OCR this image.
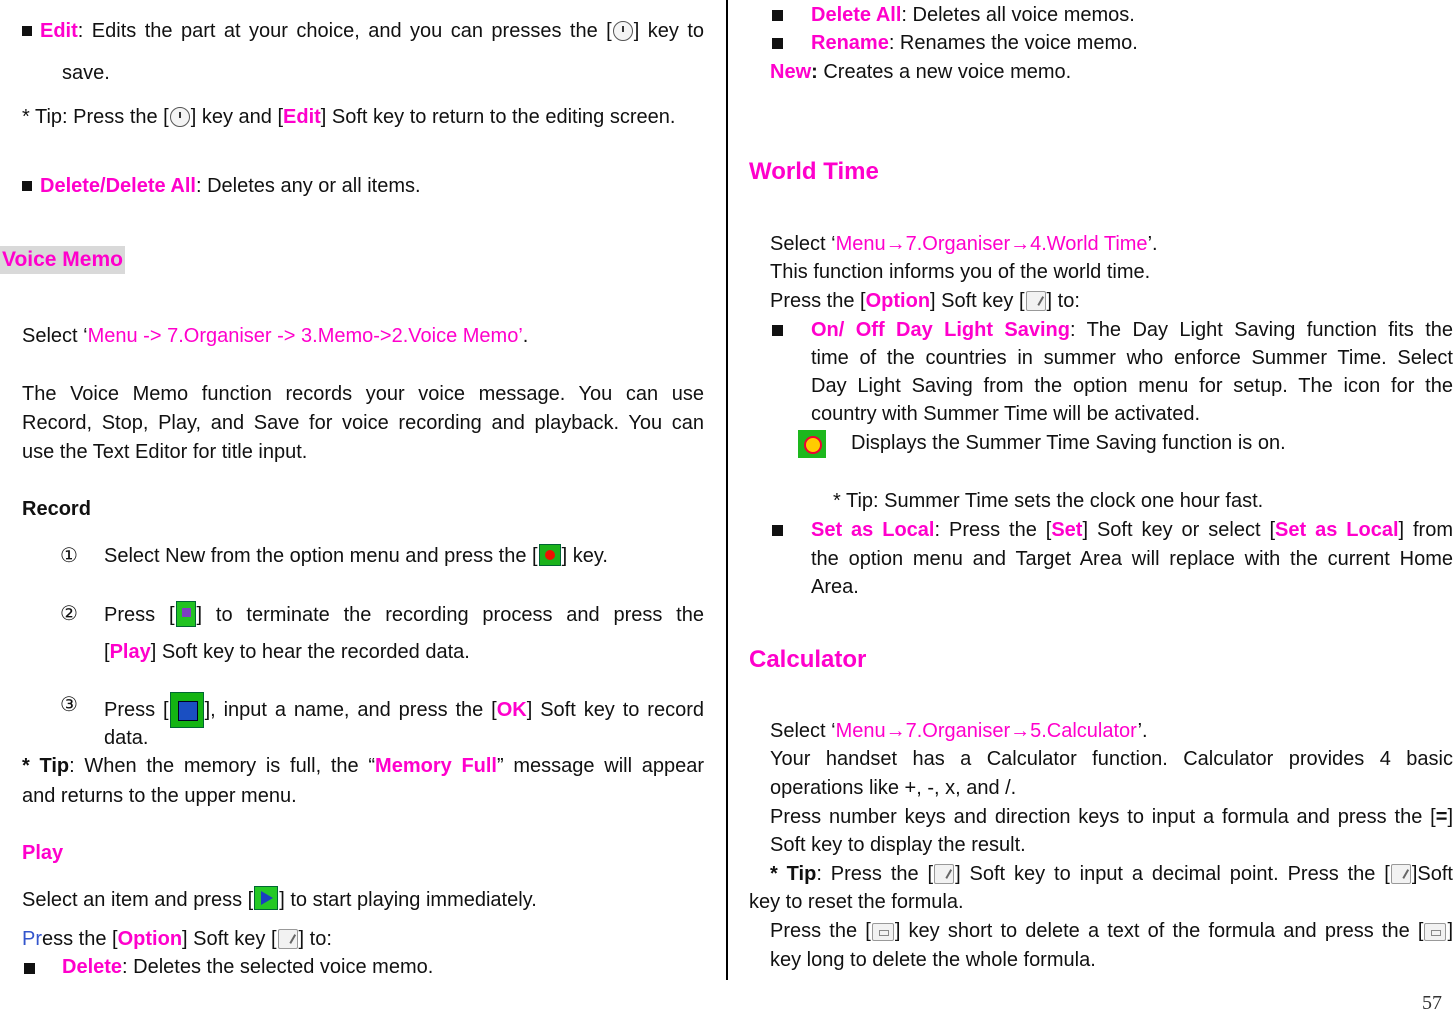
Edit: Edits the part at your choice, and you can presses the [ ] key to

save.

* Tip: Press the [ ] key and [Edit] Soft key to return to the editing screen.

Delete/Delete All: Deletes any or all items.

Voice Memo

Select ‘Menu -> 7.Organiser -> 3.Memo->2.Voice Memo’.

The Voice Memo function records your voice message. You can use

Record, Stop, Play, and Save for voice recording and playback. You can

use the Text Editor for title input.

Record

① Select New from the option menu and press the [ ] key.

② Press [ ] to terminate the recording process and press the

[Play] Soft key to hear the recorded data.

③ Press [ ], input a name, and press the [OK] Soft key to record

data.

* Tip: When the memory is full, the “Memory Full” message will appear

and returns to the upper menu.

Play

Select an item and press [ ] to start playing immediately.

Press the [Option] Soft key [ ] to:

Delete: Deletes the selected voice memo.

Delete All: Deletes all voice memos.

Rename: Renames the voice memo.

New: Creates a new voice memo.

World Time

Select ‘Menu→7.Organiser→4.World Time’.

This function informs you of the world time.

Press the [Option] Soft key [ ] to:

On/ Off Day Light Saving: The Day Light Saving function fits the

time of the countries in summer who enforce Summer Time. Select

Day Light Saving from the option menu for setup. The icon for the

country with Summer Time will be activated.

Displays the Summer Time Saving function is on.

* Tip: Summer Time sets the clock one hour fast.

Set as Local: Press the [Set] Soft key or select [Set as Local] from

the option menu and Target Area will replace with the current Home

Area.

Calculator

Select ‘Menu→7.Organiser→5.Calculator’.

Your handset has a Calculator function. Calculator provides 4 basic

operations like +, -, x, and /.

Press number keys and direction keys to input a formula and press the [=]

Soft key to display the result.

* Tip: Press the [ ] Soft key to input a decimal point. Press the [ ]Soft

key to reset the formula.

Press the [ ] key short to delete a text of the formula and press the [ ]

key long to delete the whole formula.

57
